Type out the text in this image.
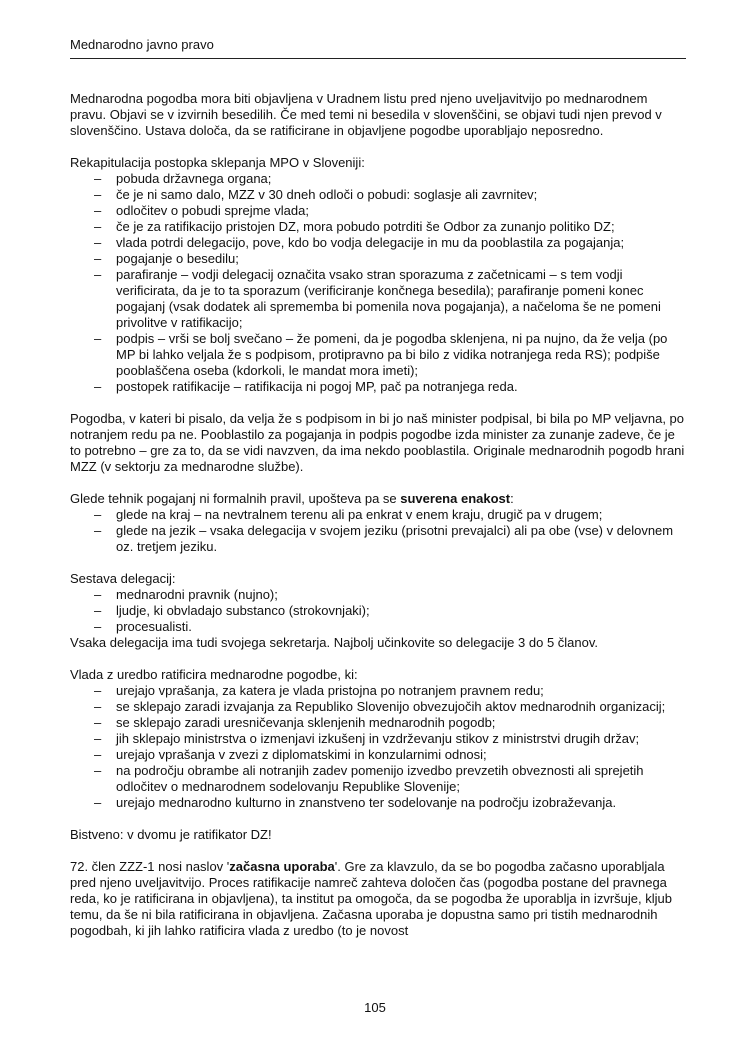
Mednarodno javno pravo

Mednarodna pogodba mora biti objavljena v Uradnem listu pred njeno uveljavitvijo po mednarodnem pravu. Objavi se v izvirnih besedilih. Če med temi ni besedila v slovenščini, se objavi tudi njen prevod v slovenščino. Ustava določa, da se ratificirane in objavljene pogodbe uporabljajo neposredno.

Rekapitulacija postopka sklepanja MPO v Sloveniji:

– pobuda državnega organa;
– če je ni samo dalo, MZZ v 30 dneh odloči o pobudi: soglasje ali zavrnitev;
– odločitev o pobudi sprejme vlada;
– če je za ratifikacijo pristojen DZ, mora pobudo potrditi še Odbor za zunanjo politiko DZ;
– vlada potrdi delegacijo, pove, kdo bo vodja delegacije in mu da pooblastila za pogajanja;
– pogajanje o besedilu;
– parafiranje – vodji delegacij označita vsako stran sporazuma z začetnicami – s tem vodji verificirata, da je to ta sporazum (verificiranje končnega besedila); parafiranje pomeni konec pogajanj (vsak dodatek ali sprememba bi pomenila nova pogajanja), a načeloma še ne pomeni privolitve v ratifikacijo;
– podpis – vrši se bolj svečano – že pomeni, da je pogodba sklenjena, ni pa nujno, da že velja (po MP bi lahko veljala že s podpisom, protipravno pa bi bilo z vidika notranjega reda RS); podpiše pooblaščena oseba (kdorkoli, le mandat mora imeti);
– postopek ratifikacije – ratifikacija ni pogoj MP, pač pa notranjega reda.

Pogodba, v kateri bi pisalo, da velja že s podpisom in bi jo naš minister podpisal, bi bila po MP veljavna, po notranjem redu pa ne. Pooblastilo za pogajanja in podpis pogodbe izda minister za zunanje zadeve, če je to potrebno – gre za to, da se vidi navzven, da ima nekdo pooblastila. Originale mednarodnih pogodb hrani MZZ (v sektorju za mednarodne službe).

Glede tehnik pogajanj ni formalnih pravil, upošteva pa se suverena enakost:

– glede na kraj – na nevtralnem terenu ali pa enkrat v enem kraju, drugič pa v drugem;
– glede na jezik – vsaka delegacija v svojem jeziku (prisotni prevajalci) ali pa obe (vse) v delovnem oz. tretjem jeziku.

Sestava delegacij:

– mednarodni pravnik (nujno);
– ljudje, ki obvladajo substanco (strokovnjaki);
– procesualisti.

Vsaka delegacija ima tudi svojega sekretarja. Najbolj učinkovite so delegacije 3 do 5 članov.

Vlada z uredbo ratificira mednarodne pogodbe, ki:

– urejajo vprašanja, za katera je vlada pristojna po notranjem pravnem redu;
– se sklepajo zaradi izvajanja za Republiko Slovenijo obvezujočih aktov mednarodnih organizacij;
– se sklepajo zaradi uresničevanja sklenjenih mednarodnih pogodb;
– jih sklepajo ministrstva o izmenjavi izkušenj in vzdrževanju stikov z ministrstvi drugih držav;
– urejajo vprašanja v zvezi z diplomatskimi in konzularnimi odnosi;
– na področju obrambe ali notranjih zadev pomenijo izvedbo prevzetih obveznosti ali sprejetih odločitev o mednarodnem sodelovanju Republike Slovenije;
– urejajo mednarodno kulturno in znanstveno ter sodelovanje na področju izobraževanja.

Bistveno: v dvomu je ratifikator DZ!

72. člen ZZZ-1 nosi naslov 'začasna uporaba'. Gre za klavzulo, da se bo pogodba začasno uporabljala pred njeno uveljavitvijo. Proces ratifikacije namreč zahteva določen čas (pogodba postane del pravnega reda, ko je ratificirana in objavljena), ta institut pa omogoča, da se pogodba že uporablja in izvršuje, kljub temu, da še ni bila ratificirana in objavljena. Začasna uporaba je dopustna samo pri tistih mednarodnih pogodbah, ki jih lahko ratificira vlada z uredbo (to je novost

105
